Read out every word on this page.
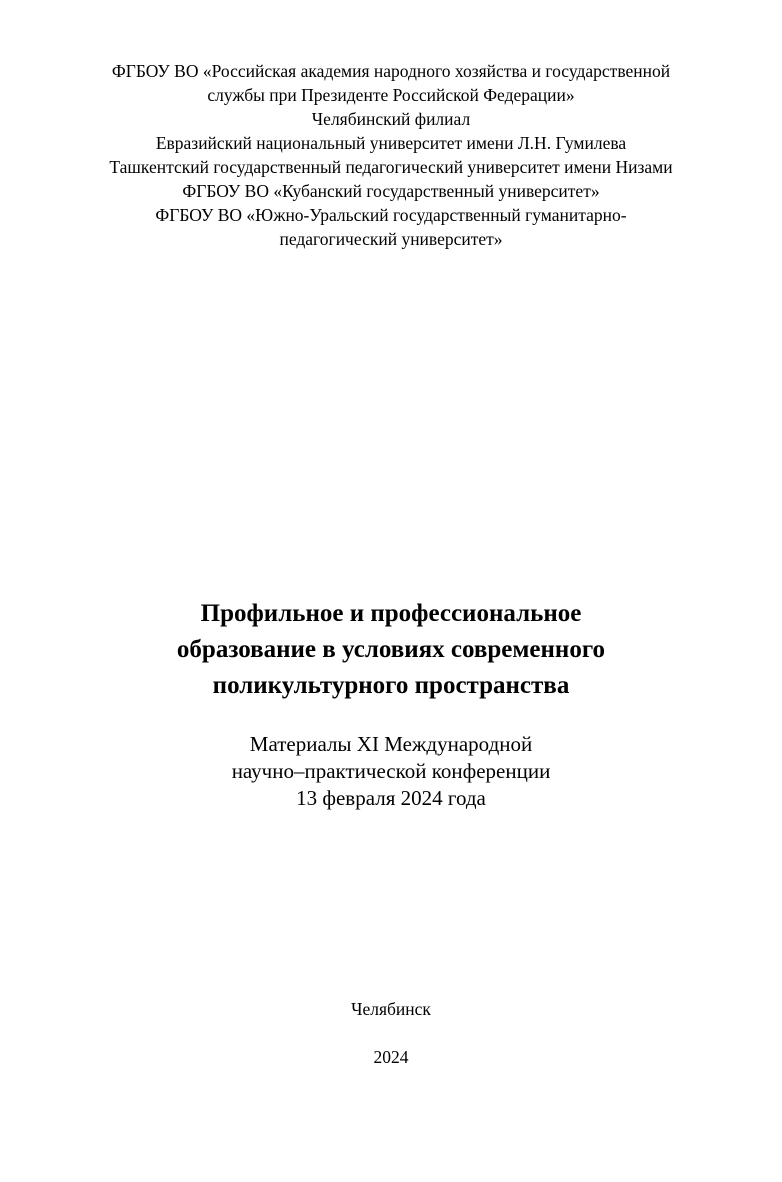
ФГБОУ ВО «Российская академия народного хозяйства и государственной
службы при Президенте Российской Федерации»
Челябинский филиал
Евразийский национальный университет имени Л.Н. Гумилева
Ташкентский государственный педагогический университет имени Низами
ФГБОУ ВО «Кубанский государственный университет»
ФГБОУ ВО «Южно-Уральский государственный гуманитарно-
педагогический университет»
Профильное и профессиональное
образование в условиях современного
поликультурного пространства
Материалы XI Международной
научно–практической конференции
13 февраля 2024 года
Челябинск
2024
